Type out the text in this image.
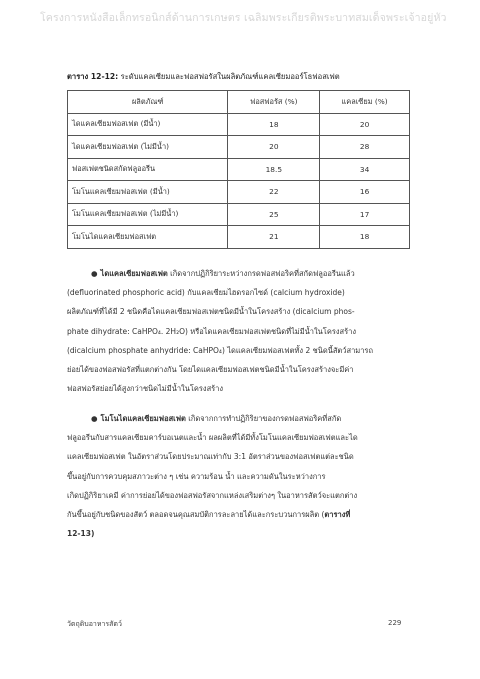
โครงการหนังสือเล็กทรอนิกส์ด้านการเกษตร เฉลิมพระเกียรติพระบาทสมเด็จพระเจ้าอยู่หัว
ตาราง 12-12: ระดับแคลเซียมและฟอสฟอรัสในผลิตภัณฑ์แคลเซียมออร์โธฟอสเฟต
ผลิตภัณฑ์	ฟอสฟอรัส (%)	แคลเซียม (%)
ไดแคลเซียมฟอสเฟต (มีน้ำ)	18	20
ไดแคลเซียมฟอสเฟต (ไม่มีน้ำ)	20	28
ฟอสเฟตชนิดสกัดฟลูออรีน	18.5	34
โมโนแคลเซียมฟอสเฟต (มีน้ำ)	22	16
โมโนแคลเซียมฟอสเฟต (ไม่มีน้ำ)	25	17
โมโนไดแคลเซียมฟอสเฟต	21	18
● ไดแคลเซียมฟอสเฟต เกิดจากปฏิกิริยาระหว่างกรดฟอสฟอริคที่สกัดฟลูออรีนแล้ว
(defluorinated phosphoric acid) กับแคลเซียมไฮดรอกไซด์ (calcium hydroxide)
ผลิตภัณฑ์ที่ได้มี 2 ชนิดคือไดแคลเซียมฟอสเฟตชนิดมีน้ำในโครงสร้าง (dicalcium phos-
phate dihydrate: CaHPO₄. 2H₂O) หรือไดแคลเซียมฟอสเฟตชนิดที่ไม่มีน้ำในโครงสร้าง
(dicalcium phosphate anhydride: CaHPO₄) ไดแคลเซียมฟอสเฟตทั้ง 2 ชนิดนี้สัตว์สามารถ
ย่อยได้ของฟอสฟอรัสที่แตกต่างกัน โดยไดแคลเซียมฟอสเฟตชนิดมีน้ำในโครงสร้างจะมีค่า
ฟอสฟอรัสย่อยได้สูงกว่าชนิดไม่มีน้ำในโครงสร้าง
● โมโนไดแคลเซียมฟอสเฟต เกิดจากการทำปฏิกิริยาของกรดฟอสฟอริคที่สกัด
ฟลูออรีนกับสารแคลเซียมคาร์บอเนตและน้ำ ผลผลิตที่ได้มีทั้งโมโนแคลเซียมฟอสเฟตและได
แคลเซียมฟอสเฟต ในอัตราส่วนโดยประมาณเท่ากับ 3:1 อัตราส่วนของฟอสเฟตแต่ละชนิด
ขึ้นอยู่กับการควบคุมสภาวะต่าง ๆ เช่น ความร้อน น้ำ และความดันในระหว่างการ
เกิดปฏิกิริยาเคมี ค่าการย่อยได้ของฟอสฟอรัสจากแหล่งเสริมต่างๆ ในอาหารสัตว์จะแตกต่าง
กันขึ้นอยู่กับชนิดของสัตว์ ตลอดจนคุณสมบัติการละลายได้และกระบวนการผลิต (ตารางที่
12-13)
วัตถุดิบอาหารสัตว์	229
